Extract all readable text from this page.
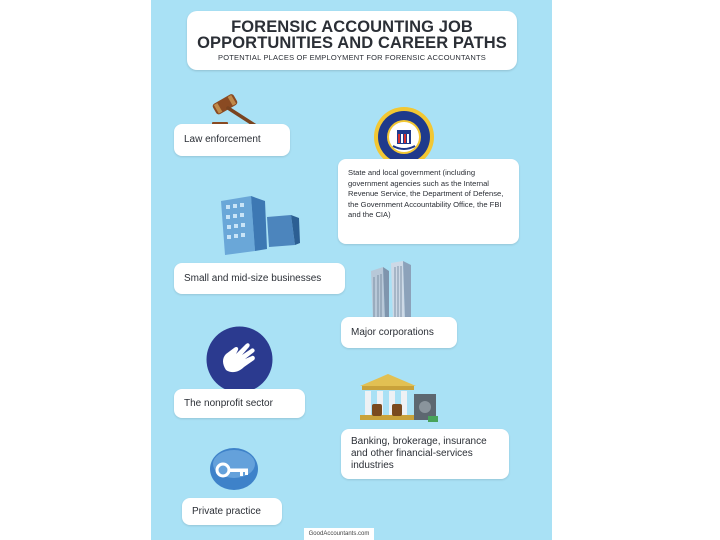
FORENSIC ACCOUNTING JOB
OPPORTUNITIES AND CAREER PATHS
POTENTIAL PLACES OF EMPLOYMENT FOR FORENSIC ACCOUNTANTS
Law enforcement
State and local government (including government agencies such as the Internal Revenue Service, the Department of Defense, the Government Accountability Office, the FBI and the CIA)
Small and mid-size businesses
Major corporations
The nonprofit sector
Banking, brokerage, insurance and other financial-services industries
Private practice
GoodAccountants.com
